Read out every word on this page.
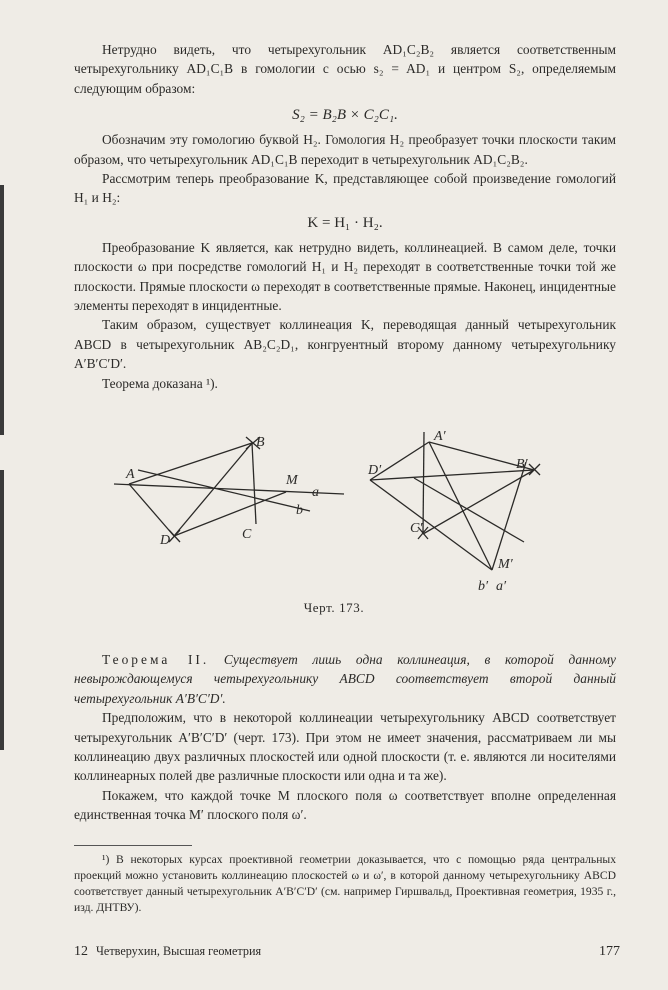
Нетрудно видеть, что четырехугольник AD₁C₂B₂ является соответственным четырехугольнику AD₁C₁B в гомологии с осью s₂ = AD₁ и центром S₂, определяемым следующим образом:

S₂ = B₂B × C₂C₁.

Обозначим эту гомологию буквой H₂. Гомология H₂ преобразует точки плоскости таким образом, что четырехугольник AD₁C₁B переходит в четырехугольник AD₁C₂B₂.

Рассмотрим теперь преобразование K, представляющее собой произведение гомологий H₁ и H₂:

K = H₁ · H₂.

Преобразование K является, как нетрудно видеть, коллинеацией. В самом деле, точки плоскости ω при посредстве гомологий H₁ и H₂ переходят в соответственные точки той же плоскости. Прямые плоскости ω переходят в соответственные прямые. Наконец, инцидентные элементы переходят в инцидентные.

Таким образом, существует коллинеация K, переводящая данный четырехугольник ABCD в четырехугольник AB₂C₂D₁, конгруентный второму данному четырехугольнику A′B′C′D′.

Теорема доказана ¹).

B
A	M
a
b
D	C
A′
D′	B′
C′
M′
b′ a′
Черт. 173.

Теорема II. Существует лишь одна коллинеация, в которой данному невырождающемуся четырехугольнику ABCD соответствует второй данный четырехугольник A′B′C′D′.

Предположим, что в некоторой коллинеации четырехугольнику ABCD соответствует четырехугольник A′B′C′D′ (черт. 173). При этом не имеет значения, рассматриваем ли мы коллинеацию двух различных плоскостей или одной плоскости (т. е. являются ли носителями коллинеарных полей две различные плоскости или одна и та же).

Покажем, что каждой точке M плоского поля ω соответствует вполне определенная единственная точка M′ плоского поля ω′.

¹) В некоторых курсах проективной геометрии доказывается, что с помощью ряда центральных проекций можно установить коллинеацию плоскостей ω и ω′, в которой данному четырехугольнику ABCD соответствует данный четырехугольник A′B′C′D′ (см. например Гиршвальд, Проективная геометрия, 1935 г., изд. ДНТВУ).

12 Четверухин, Высшая геометрия	177
